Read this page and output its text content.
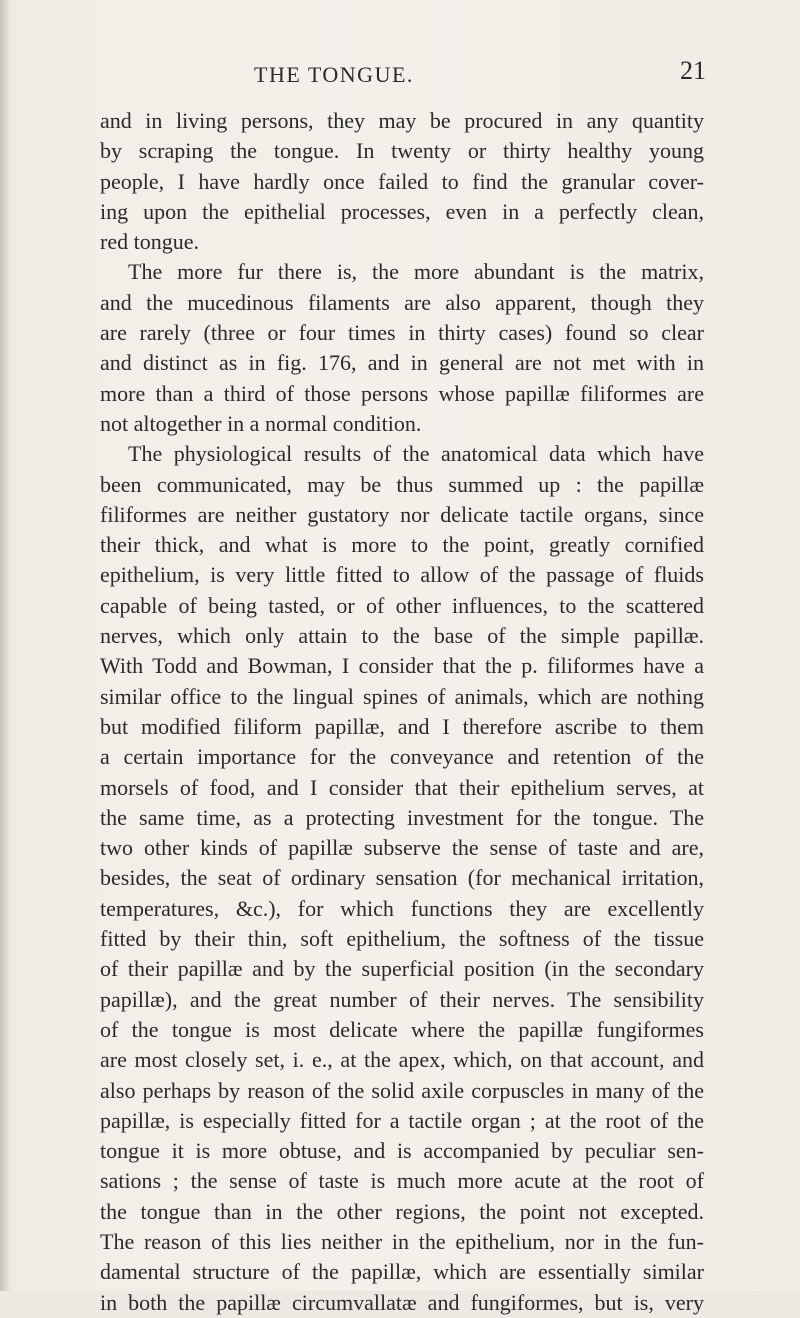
THE TONGUE.	21
and in living persons, they may be procured in any quantity
by scraping the tongue. In twenty or thirty healthy young
people, I have hardly once failed to find the granular cover-
ing upon the epithelial processes, even in a perfectly clean,
red tongue.
The more fur there is, the more abundant is the matrix,
and the mucedinous filaments are also apparent, though they
are rarely (three or four times in thirty cases) found so clear
and distinct as in fig. 176, and in general are not met with in
more than a third of those persons whose papillæ filiformes are
not altogether in a normal condition.
The physiological results of the anatomical data which have
been communicated, may be thus summed up : the papillæ
filiformes are neither gustatory nor delicate tactile organs, since
their thick, and what is more to the point, greatly cornified
epithelium, is very little fitted to allow of the passage of fluids
capable of being tasted, or of other influences, to the scattered
nerves, which only attain to the base of the simple papillæ.
With Todd and Bowman, I consider that the p. filiformes have a
similar office to the lingual spines of animals, which are nothing
but modified filiform papillæ, and I therefore ascribe to them
a certain importance for the conveyance and retention of the
morsels of food, and I consider that their epithelium serves, at
the same time, as a protecting investment for the tongue. The
two other kinds of papillæ subserve the sense of taste and are,
besides, the seat of ordinary sensation (for mechanical irritation,
temperatures, &c.), for which functions they are excellently
fitted by their thin, soft epithelium, the softness of the tissue
of their papillæ and by the superficial position (in the secondary
papillæ), and the great number of their nerves. The sensibility
of the tongue is most delicate where the papillæ fungiformes
are most closely set, i. e., at the apex, which, on that account, and
also perhaps by reason of the solid axile corpuscles in many of the
papillæ, is especially fitted for a tactile organ ; at the root of the
tongue it is more obtuse, and is accompanied by peculiar sen-
sations ; the sense of taste is much more acute at the root of
the tongue than in the other regions, the point not excepted.
The reason of this lies neither in the epithelium, nor in the fun-
damental structure of the papillæ, which are essentially similar
in both the papillæ circumvallatæ and fungiformes, but is, very
